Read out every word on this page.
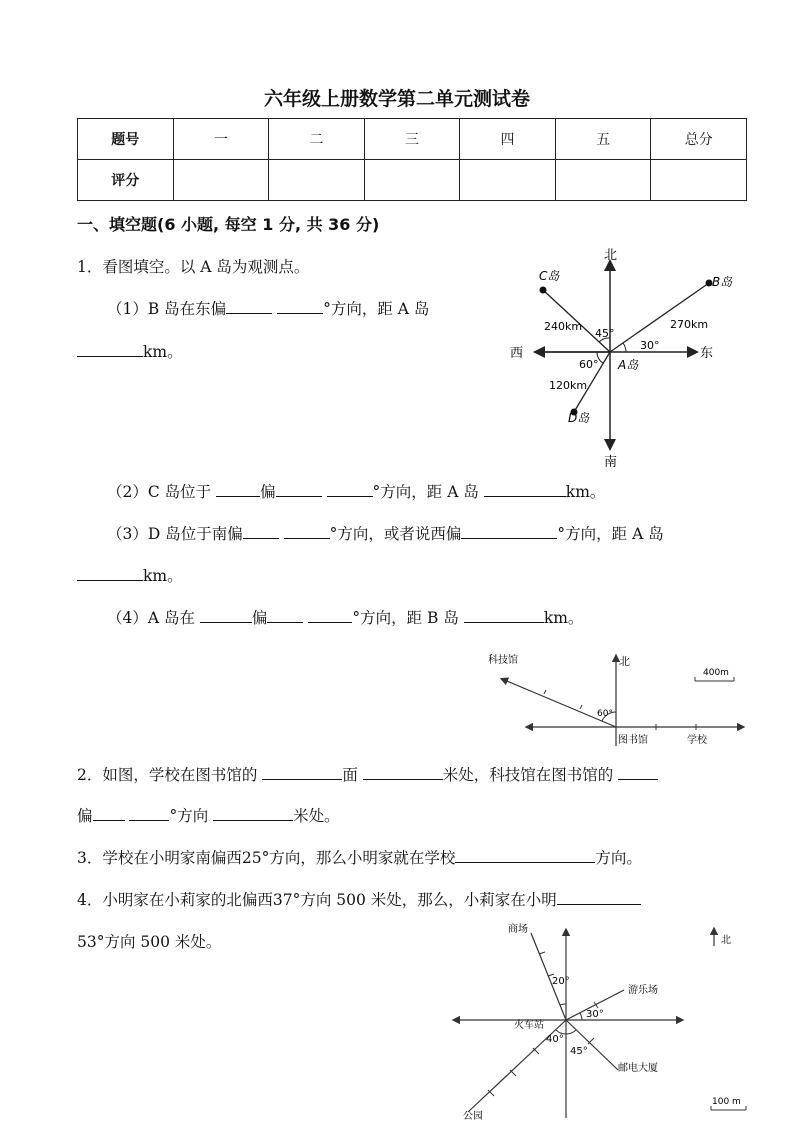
六年级上册数学第二单元测试卷
题号	一	二	三	四	五	总分
评分						
一、填空题(6 小题, 每空 1 分, 共 36 分)
1．看图填空。以 A 岛为观测点。
（1）B 岛在东偏	°方向，距 A 岛
km。
北
南
东
西
A岛
B岛
C岛
D岛
270km
240km
120km
30°
45°
60°
（2）C 岛位于	偏	°方向，距 A 岛	km。
（3）D 岛位于南偏	°方向，或者说西偏	°方向，距 A 岛
km。
（4）A 岛在	偏	°方向，距 B 岛	km。
北
科技馆
图书馆	学校
400m
60°
2．如图，学校在图书馆的	面	米处，科技馆在图书馆的
偏	°方向	米处。
3．学校在小明家南偏西25°方向，那么小明家就在学校	方向。
4．小明家在小莉家的北偏西37°方向 500 米处，那么，小莉家在小明
53°方向 500 米处。
商场
游乐场
火车站
邮电大厦
公园
北
100 m
20°
30°
40°
45°
